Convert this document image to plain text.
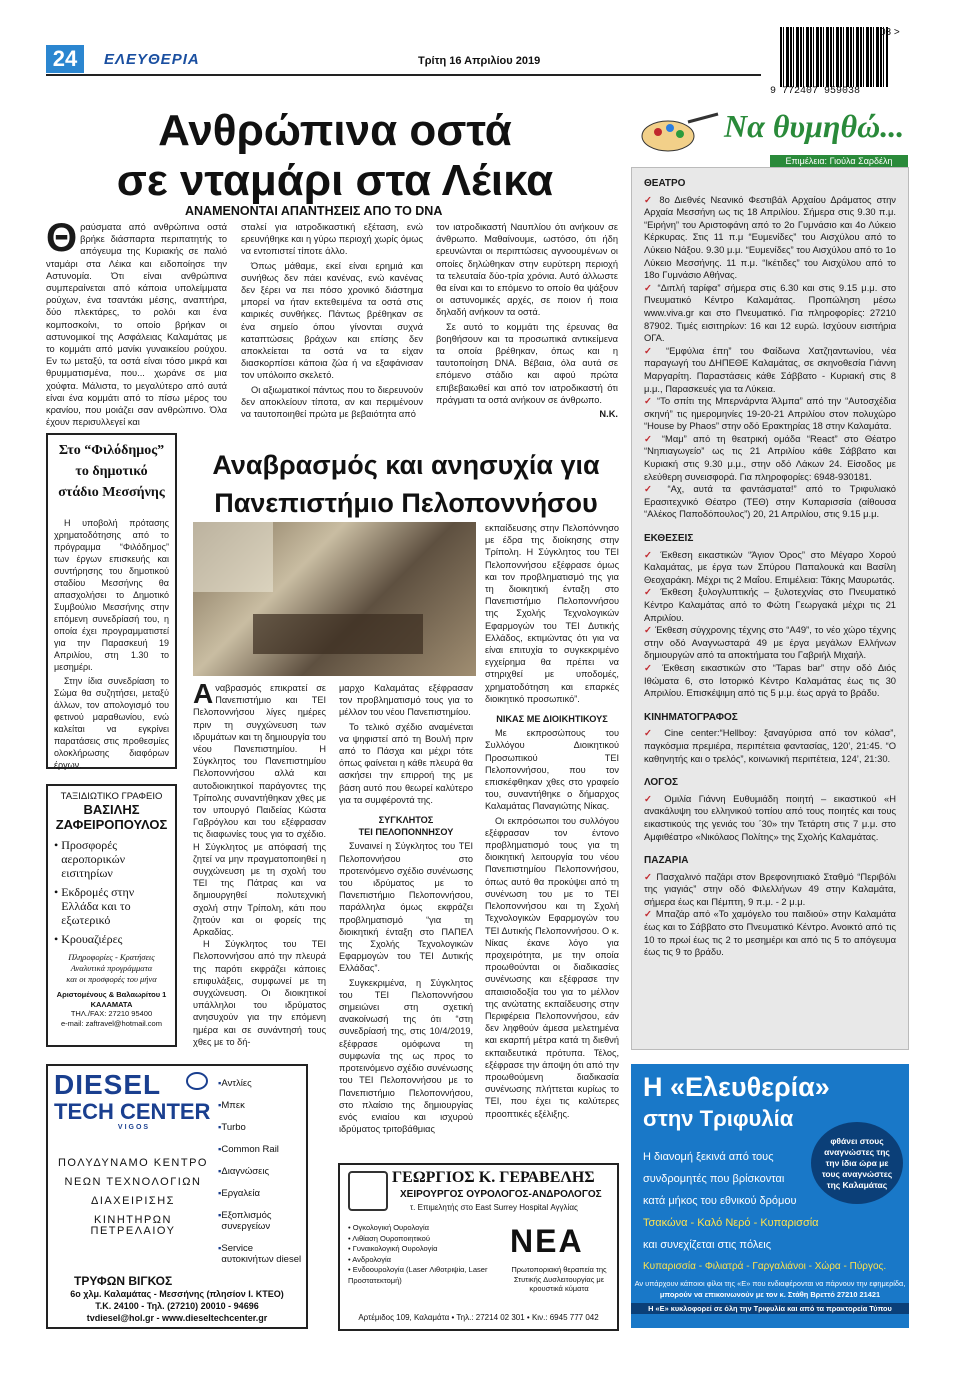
24	ΕΛΕΥΘΕΡΙΑ	Τρίτη 16 Απριλίου 2019
03 >
9 772407 959038
Ανθρώπινα οστά
σε νταμάρι στα Λέικα
ΑΝΑΜΕΝΟΝΤΑΙ ΑΠΑΝΤΗΣΕΙΣ ΑΠΟ ΤΟ DNA
Θ ραύσματα από ανθρώπινα οστά βρήκε διάσπαρτα περιπατητής το απόγευμα της Κυριακής σε παλιό νταμάρι στα Λέικα και ειδοποίησε την Αστυνομία. Ότι είναι ανθρώπινα συμπεραίνεται από κάποια υπολείμματα ρούχων, ένα τσαντάκι μέσης, αναπτήρα, δύο πλεκτάρες, το ρολόι και ένα κομποσκοίνι, το οποίο βρήκαν οι αστυνομικοί της Ασφάλειας Καλαμάτας με το κομμάτι από μανίκι γυναικείου ρούχου. Εν τω μεταξύ, τα οστά είναι τόσο μικρά και θρυμματισμένα, που... χωράνε σε μια χούφτα. Μάλιστα, το μεγαλύτερο από αυτά είναι ένα κομμάτι από το πίσω μέρος του κρανίου, που μοιάζει σαν ανθρώπινο. Όλα έχουν περισυλλεγεί και

σταλεί για ιατροδικαστική εξέταση, ενώ ερευνήθηκε και η γύρω περιοχή χωρίς όμως να εντοπιστεί τίποτε άλλο.

Όπως μάθαμε, εκεί είναι ερημιά και συνήθως δεν πάει κανένας, ενώ κανένας δεν ξέρει να πει πόσο χρονικό διάστημα μπορεί να ήταν εκτεθειμένα τα οστά στις καιρικές συνθήκες. Πάντως βρέθηκαν σε ένα σημείο όπου γίνονται συχνά καταπτώσεις βράχων και επίσης δεν αποκλείεται τα οστά να τα είχαν διασκορπίσει κάποια ζώα ή να εξαφάνισαν τον υπόλοιπο σκελετό.

Οι αξιωματικοί πάντως που το διερευνούν δεν αποκλείουν τίποτα, αν και περιμένουν να ταυτοποιηθεί πρώτα με βεβαιότητα από

τον ιατροδικαστή Ναυπλίου ότι ανήκουν σε άνθρωπο. Μαθαίνουμε, ωστόσο, ότι ήδη ερευνώνται οι περιπτώσεις αγνοουμένων οι οποίες δηλώθηκαν στην ευρύτερη περιοχή τα τελευταία δύο-τρία χρόνια. Αυτό άλλωστε θα είναι και το επόμενο το οποίο θα ψάξουν οι αστυνομικές αρχές, σε ποιον ή ποια δηλαδή ανήκουν τα οστά.

Σε αυτό το κομμάτι της έρευνας θα βοηθήσουν και τα προσωπικά αντικείμενα τα οποία βρέθηκαν, όπως και η ταυτοποίηση DNA. Βέβαια, όλα αυτά σε επόμενο στάδιο και αφού πρώτα επιβεβαιωθεί και από τον ιατροδικαστή ότι πράγματι τα οστά ανήκουν σε άνθρωπο.

Ν.Κ.
Στο “Φιλόδημος”
το δημοτικό
στάδιο Μεσσήνης

Η υποβολή πρότασης χρηματοδότησης από το πρόγραμμα “Φιλόδημος” των έργων επισκευής και συντήρησης του δημοτικού σταδίου Μεσσήνης θα απασχολήσει το Δημοτικό Συμβούλιο Μεσσήνης στην επόμενη συνεδρίασή του, η οποία έχει προγραμματιστεί για την Παρασκευή 19 Απριλίου, στη 1.30 το μεσημέρι.

Στην ίδια συνεδρίαση το Σώμα θα συζητήσει, μεταξύ άλλων, τον απολογισμό του φετινού μαραθωνίου, ενώ καλείται να εγκρίνει παρατάσεις στις προθεσμίες ολοκλήρωσης διαφόρων έργων.

ΤΑΞΙΔΙΩΤΙΚΟ ΓΡΑΦΕΙΟ
ΒΑΣΙΛΗΣ
ΖΑΦΕΙΡΟΠΟΥΛΟΣ
• Προσφορές αεροπορικών εισιτηρίων
• Εκδρομές στην Ελλάδα και το εξωτερικό
• Κρουαζιέρες
Πληροφορίες - Κρατήσεις
Αναλυτικά προγράμματα
και οι προσφορές του μήνα
Αριστομένους & Βαλαωρίτου 1
ΚΑΛΑΜΑΤΑ
ΤΗΛ./FAX: 27210 95400
e-mail: zaftravel@hotmail.com
DIESEL
TECH CENTER
VIGOS
ΠΟΛΥΔΥΝΑΜΟ ΚΕΝΤΡΟ
ΝΕΩΝ ΤΕΧΝΟΛΟΓΙΩΝ
ΔΙΑΧΕΙΡΙΣΗΣ
ΚΙΝΗΤΗΡΩΝ ΠΕΤΡΕΛΑΙΟΥ
▪ Αντλίες
▪ Μπεκ
▪ Turbo
▪ Common Rail
▪ Διαγνώσεις
▪ Εργαλεία
▪ Εξοπλισμός συνεργείων
▪ Service αυτοκινήτων diesel
ΤΡΥΦΩΝ ΒΙΓΚΟΣ
6ο χλμ. Καλαμάτας - Μεσσήνης (πλησίον Ι. ΚΤΕΟ)
Τ.Κ. 24100 - Τηλ. (27210) 20010 - 94696
tvdiesel@hol.gr - www.dieseltechcenter.gr
Αναβρασμός και ανησυχία για
Πανεπιστήμιο Πελοποννήσου
Α ναβρασμός επικρατεί σε Πανεπιστήμιο και ΤΕΙ Πελοποννήσου λίγες ημέρες πριν τη συγχώνευση των ιδρυμάτων και τη δημιουργία του νέου Πανεπιστημίου. Η Σύγκλητος του Πανεπιστημίου Πελοποννήσου αλλά και αυτοδιοικητικοί παράγοντες της Τρίπολης συναντήθηκαν χθες με τον υπουργό Παιδείας Κώστα Γαβρόγλου και του εξέφρασαν τις διαφωνίες τους για το σχέδιο. Η Σύγκλητος με απόφασή της ζητεί να μην πραγματοποιηθεί η συγχώνευση με τη σχολή του ΤΕΙ της Πάτρας και να δημιουργηθεί πολυτεχνική σχολή στην Τρίπολη, κάτι που ζητούν και οι φορείς της Αρκαδίας.

Η Σύγκλητος του ΤΕΙ Πελοποννήσου από την πλευρά της παρότι εκφράζει κάποιες επιφυλάξεις, συμφωνεί με τη συγχώνευση. Οι διοικητικοί υπάλληλοι του ιδρύματος ανησυχούν για την επόμενη ημέρα και σε συνάντησή τους χθες με το δή-

μαρχο Καλαμάτας εξέφρασαν τον προβληματισμό τους για το μέλλον του νέου Πανεπιστημίου.

Το τελικό σχέδιο αναμένεται να ψηφιστεί από τη Βουλή πριν από το Πάσχα και μέχρι τότε όπως φαίνεται η κάθε πλευρά θα ασκήσει την επιρροή της με βάση αυτό που θεωρεί καλύτερο για τα συμφέροντά της.

ΣΥΓΚΛΗΤΟΣ
ΤΕΙ ΠΕΛΟΠΟΝΝΗΣΟΥ

Συναινεί η Σύγκλητος του ΤΕΙ Πελοποννήσου στο προτεινόμενο σχέδιο συνένωσης του ιδρύματος με το Πανεπιστήμιο Πελοποννήσου, παράλληλα όμως εκφράζει προβληματισμό “για τη διοικητική ένταξη στο ΠΑΠΕΛ της Σχολής Τεχνολογικών Εφαρμογών του ΤΕΙ Δυτικής Ελλάδας”.

Συγκεκριμένα, η Σύγκλητος του ΤΕΙ Πελοποννήσου σημειώνει στη σχετική ανακοίνωσή της ότι “στη συνεδρίασή της, στις 10/4/2019, εξέφρασε ομόφωνα τη συμφωνία της ως προς το προτεινόμενο σχέδιο συνένωσης του ΤΕΙ Πελοποννήσου με το Πανεπιστήμιο Πελοποννήσου, στο πλαίσιο της δημιουργίας ενός ενιαίου και ισχυρού ιδρύματος τριτοβάθμιας

εκπαίδευσης στην Πελοπόννησο με έδρα της διοίκησης στην Τρίπολη. Η Σύγκλητος του ΤΕΙ Πελοποννήσου εξέφρασε όμως και τον προβληματισμό της για τη διοικητική ένταξη στο Πανεπιστήμιο Πελοποννήσου της Σχολής Τεχνολογικών Εφαρμογών του ΤΕΙ Δυτικής Ελλάδος, εκτιμώντας ότι για να είναι επιτυχία το συγκεκριμένο εγχείρημα θα πρέπει να στηριχθεί με υποδομές, χρηματοδότηση και επαρκές διοικητικό προσωπικό”.

ΝΙΚΑΣ ΜΕ ΔΙΟΙΚΗΤΙΚΟΥΣ

Με εκπροσώπους του Συλλόγου Διοικητικού Προσωπικού ΤΕΙ Πελοποννήσου, που τον επισκέφθηκαν χθες στο γραφείο του, συναντήθηκε ο δήμαρχος Καλαμάτας Παναγιώτης Νίκας.

Οι εκπρόσωποι του συλλόγου εξέφρασαν τον έντονο προβληματισμό τους για τη διοικητική λειτουργία του νέου Πανεπιστημίου Πελοποννήσου, όπως αυτό θα προκύψει από τη συνένωση του με το ΤΕΙ Πελοποννήσου και τη Σχολή Τεχνολογικών Εφαρμογών του ΤΕΙ Δυτικής Πελοποννήσου. Ο κ. Νίκας έκανε λόγο για προχειρότητα, με την οποία προωθούνται οι διαδικασίες συνένωσης και εξέφρασε την απαισιοδοξία του για το μέλλον της ανώτατης εκπαίδευσης στην Περιφέρεια Πελοποννήσου, εάν δεν ληφθούν άμεσα μελετημένα και εκαρπή μέτρα κατά τη διεθνή εκπαιδευτικά πρότυπα. Τέλος, εξέφρασε την άποψη ότι από την προωθούμενη διαδικασία συνένωσης πλήττεται κυρίως το ΤΕΙ, που έχει τις καλύτερες προοπτικές εξέλιξης.

ΓΕΩΡΓΙΟΣ Κ. ΓΕΡΑΒΕΛΗΣ
ΧΕΙΡΟΥΡΓΟΣ ΟΥΡΟΛΟΓΟΣ-ΑΝΔΡΟΛΟΓΟΣ
τ. Επιμελητής στο East Surrey Hospital Αγγλίας
• Ογκολογική Ουρολογία
• Λιθίαση Ουροποιητικού
• Γυναικολογική Ουρολογία
• Ανδρολογία
• Ενδοουρολογία (Laser Λιθοτριψία, Laser Προστατεκτομή)
ΝΕΑ
Πρωτοποριακή θεραπεία της Στυτικής Δυσλειτουργίας με κρουστικά κύματα
Αρτέμιδος 109, Καλαμάτα • Τηλ.: 27214 02 301 • Κιν.: 6945 777 042
Να θυμηθώ...
Επιμέλεια: Γιούλα Σαρδέλη
ΘΕΑΤΡΟ
✓ 8ο Διεθνές Νεανικό Φεστιβάλ Αρχαίου Δράματος στην Αρχαία Μεσσήνη ως τις 18 Απριλίου. Σήμερα στις 9.30 π.μ. “Ειρήνη” του Αριστοφάνη από το 2ο Γυμνάσιο και 4ο Λύκειο Κέρκυρας. Στις 11 π.μ “Ευμενίδες” του Αισχύλου από το Λύκειο Νάξου. 9.30 μ.μ. “Ευμενίδες” του Αισχύλου από το 1ο Λύκειο Μεσσήνης. 11 π.μ. “Ικέτιδες” του Αισχύλου από το 18ο Γυμνάσιο Αθήνας.
✓ “Διπλή ταρίφα” σήμερα στις 6.30 και στις 9.15 μ.μ. στο Πνευματικό Κέντρο Καλαμάτας. Προπώληση μέσω www.viva.gr και στο Πνευματικό. Για πληροφορίες: 27210 87902. Τιμές εισιτηρίων: 16 και 12 ευρώ. Ισχύουν εισιτήρια ΟΓΑ.
✓ “Εμφύλια έπη” του Φαίδωνα Χατζηαντωνίου, νέα παραγωγή του ΔΗΠΕΘΕ Καλαμάτας, σε σκηνοθεσία Γιάννη Μαργαρίτη. Παραστάσεις κάθε Σάββατο - Κυριακή στις 8 μ.μ., Παρασκευές για τα Λύκεια.
✓ “Το σπίτι της Μπερνάρντα Άλμπα” από την “Αυτοσχέδια σκηνή” τις ημερομηνίες 19-20-21 Απριλίου στον πολυχώρο “House by Phaos” στην οδό Ερακτηρίας 18 στην Καλαμάτα.
✓ “Μαμ” από τη θεατρική ομάδα “React” στο Θέατρο “Νηπιαγωγείο” ως τις 21 Απριλίου κάθε Σάββατο και Κυριακή στις 9.30 μ.μ., στην οδό Λάκων 24. Είσοδος με ελεύθερη συνεισφορά. Για πληροφορίες: 6948-930181.
✓ “Αχ, αυτά τα φαντάσματα!” από το Τριφυλιακό Ερασιτεχνικό Θέατρο (ΤΕΘ) στην Κυπαρισσία (αίθουσα “Αλέκος Παποδόπουλος”) 20, 21 Απριλίου, στις 9.15 μ.μ.
ΕΚΘΕΣΕΙΣ
✓ Έκθεση εικαστικών “Άγιον Όρος” στο Μέγαρο Χορού Καλαμάτας, με έργα των Σπύρου Παπαλουκά και Βασίλη Θεοχαράκη. Μέχρι τις 2 Μαΐου. Επιμέλεια: Τάκης Μαυρωτάς.
✓ Έκθεση ξυλογλυπτικής – ξυλοτεχνίας στο Πνευματικό Κέντρο Καλαμάτας από το Φώτη Γεωργακά μέχρι τις 21 Απριλίου.
✓ Έκθεση σύγχρονης τέχνης στο “Α49”, το νέο χώρο τέχνης στην οδό Αναγνωσταρά 49 με έργα μεγάλων Ελλήνων δημιουργών από τα αποκτήματα του Γαβριήλ Μιχαήλ.
✓ Έκθεση εικαστικών στο “Tapas bar” στην οδό Διός Ιθώματα 6, στο Ιστορικό Κέντρο Καλαμάτας έως τις 30 Απριλίου. Επισκέψιμη από τις 5 μ.μ. έως αργά το βράδυ.
ΚΙΝΗΜΑΤΟΓΡΑΦΟΣ
✓ Cine center:“Hellboy: ξαναγύρισα από τον κόλασ”, παγκόσμια πρεμιέρα, περιπέτεια φαντασίας, 120’, 21:45. “Ο καθηνητής και ο τρελός”, κοινωνική περιπέτεια, 124’, 21:30.
ΛΟΓΟΣ
✓ Ομιλία Γιάννη Ευθυμιάδη ποιητή – εικαστικού «Η ανακάλυψη του ελληνικού τοπίου από τους ποιητές και τους εικαστικούς της γενιάς του ΄30» την Τετάρτη στις 7 μ.μ. στο Αμφιθέατρο «Νικόλαος Πολίτης» της Σχολής Καλαμάτας.
ΠΑΖΑΡΙΑ
✓ Πασχαλινό παζάρι στον Βρεφονηπιακό Σταθμό “Περιβόλι της γιαγιάς” στην οδό Φιλελλήνων 49 στην Καλαμάτα, σήμερα έως και Πέμπτη, 9 π.μ. - 2 μ.μ.
✓ Μπαζάρ από «Το χαμόγελο του παιδιού» στην Καλαμάτα έως και το Σάββατο στο Πνευματικό Κέντρο. Ανοικτό από τις 10 το πρωί έως τις 2 το μεσημέρι και από τις 5 το απόγευμα έως τις 9 το βράδυ.
Η «Ελευθερία»
στην Τριφυλία
φθάνει στους αναγνώστες της την ίδια ώρα με τους αναγνώστες της Καλαμάτας
Η διανομή ξεκινά από τους
συνδρομητές που βρίσκονται
κατά μήκος του εθνικού δρόμου
Τσακώνα - Καλό Νερό - Κυπαρισσία
και συνεχίζεται στις πόλεις
Κυπαρισσία - Φιλιατρά - Γαργαλιάνοι - Χώρα - Πύργος.
Αν υπάρχουν κάποιοι φίλοι της «Ε» που ενδιαφέρονται να πάρνουν την εφημερίδα,
μπορούν να επικοινωνούν με τον κ. Στάθη Βρεττό 27210 21421
Η «Ε» κυκλοφορεί σε όλη την Τριφυλία και από τα πρακτορεία Τύπου
